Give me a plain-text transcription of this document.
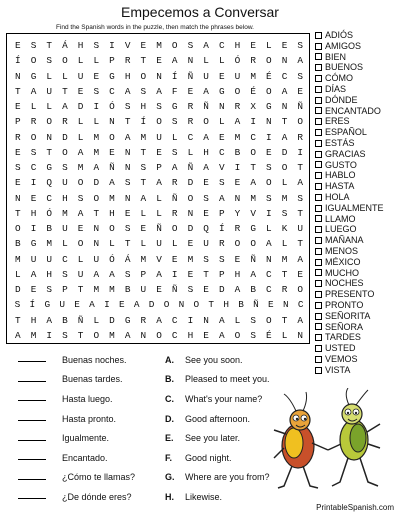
Empecemos a Conversar
Find the Spanish words in the puzzle, then match the phrases below.
E	S	T	Á	H	S	I	V	E	M	O	S	A	C	H	E	L	E	S
Í	O	S	O	L	L	P	R	T	E	A	N	L	L	Ó	R	O	N	A
N	G	L	L	U	E	G	H	O	N	Í	Ñ	U	E	U	M	É	C	S
T	A	U	T	E	S	C	A	S	A	F	E	A	G	O	É	O	A	E
E	L	L	A	D	I	Ó	S	H	S	G	R	Ñ	N	R	X	G	N	Ñ
P	R	O	R	L	L	N	T	Í	O	S	R	O	L	A	I	N	T	O
R	O	N	D	L	M	O	A	M	U	L	C	A	E	M	C	I	A	R
E	S	T	O	A	M	E	N	T	E	S	L	H	C	B	O	E	D	I
S	C	G	S	M	A	Ñ	N	S	P	A	Ñ	A	V	I	T	S	O	T
E	I	Q	U	O	D	A	S	T	A	R	D	E	S	E	A	O	L	A
N	E	C	H	S	O	M	N	A	L	Ñ	O	S	A	N	M	S	M	S
T	H	Ó	M	A	T	H	E	L	L	R	N	E	P	Y	V	I	S	T
O	I	B	U	E	N	O	S	E	Ñ	O	D	Q	Í	R	G	L	K	U
B	G	M	L	O	N	L	T	L	U	L	E	U	R	O	O	A	L	T
M	U	U	C	L	U	Ó	Á	M	V	E	M	S	S	E	Ñ	N	M	A
L	A	H	S	U	A	A	S	P	A	I	E	T	P	H	A	C	T	E
D	E	S	P	T	M	M	B	U	E	Ñ	S	E	D	A	B	C	R	O
S Í G U E A I E A D O N O T H B Ñ E N C
T	H	A	B	Ñ	L	D	G	R	A	C	I	N	A	L	S	O	T	A
A	M	I	S	T	O	M	A	N	O	C	H	E	A	O	S	É	L	N
ADIÓS
AMIGOS
BIEN
BUENOS
CÓMO
DÍAS
DÓNDE
ENCANTADO
ERES
ESPAÑOL
ESTÁS
GRACIAS
GUSTO
HABLO
HASTA
HOLA
IGUALMENTE
LLAMO
LUEGO
MAÑANA
MENOS
MÉXICO
MUCHO
NOCHES
PRESENTO
PRONTO
SEÑORITA
SEÑORA
TARDES
USTED
VEMOS
VISTA
Buenas noches.
Buenas tardes.
Hasta luego.
Hasta pronto.
Igualmente.
Encantado.
¿Cómo te llamas?
¿De dónde eres?
A.	See you soon.
B.	Pleased to meet you.
C.	What's your name?
D.	Good afternoon.
E.	See you later.
F.	Good night.
G.	Where are you from?
H.	Likewise.
PrintableSpanish.com
